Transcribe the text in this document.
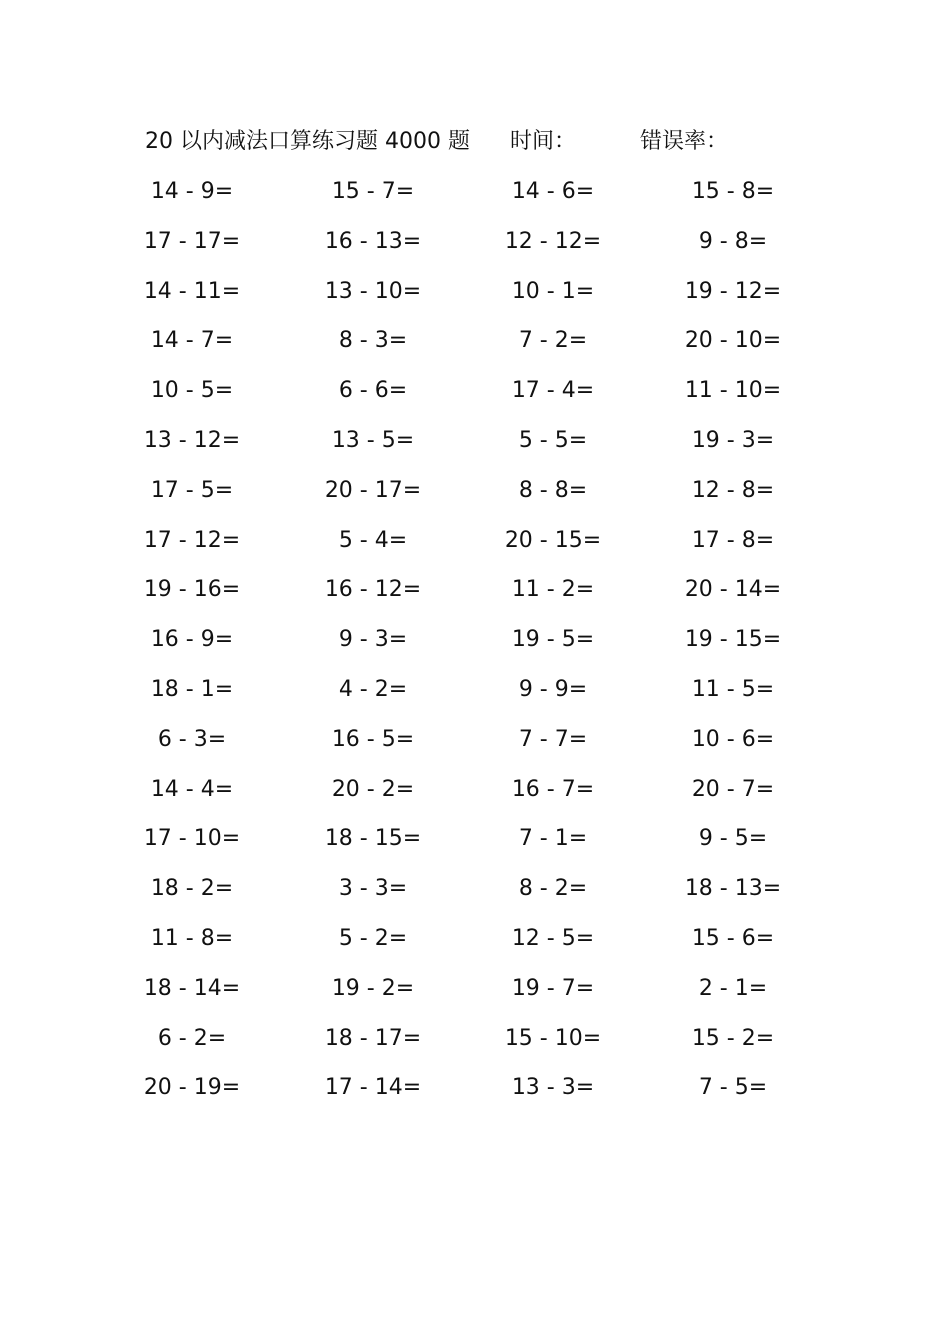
20 以内减法口算练习题 4000 题 时间：	错误率：
14 - 9=	15 - 7=	14 - 6=	15 - 8=
17 - 17=	16 - 13=	12 - 12=	9 - 8=
14 - 11=	13 - 10=	10 - 1=	19 - 12=
14 - 7=	8 - 3=	7 - 2=	20 - 10=
10 - 5=	6 - 6=	17 - 4=	11 - 10=
13 - 12=	13 - 5=	5 - 5=	19 - 3=
17 - 5=	20 - 17=	8 - 8=	12 - 8=
17 - 12=	5 - 4=	20 - 15=	17 - 8=
19 - 16=	16 - 12=	11 - 2=	20 - 14=
16 - 9=	9 - 3=	19 - 5=	19 - 15=
18 - 1=	4 - 2=	9 - 9=	11 - 5=
6 - 3=	16 - 5=	7 - 7=	10 - 6=
14 - 4=	20 - 2=	16 - 7=	20 - 7=
17 - 10=	18 - 15=	7 - 1=	9 - 5=
18 - 2=	3 - 3=	8 - 2=	18 - 13=
11 - 8=	5 - 2=	12 - 5=	15 - 6=
18 - 14=	19 - 2=	19 - 7=	2 - 1=
6 - 2=	18 - 17=	15 - 10=	15 - 2=
20 - 19=	17 - 14=	13 - 3=	7 - 5=
